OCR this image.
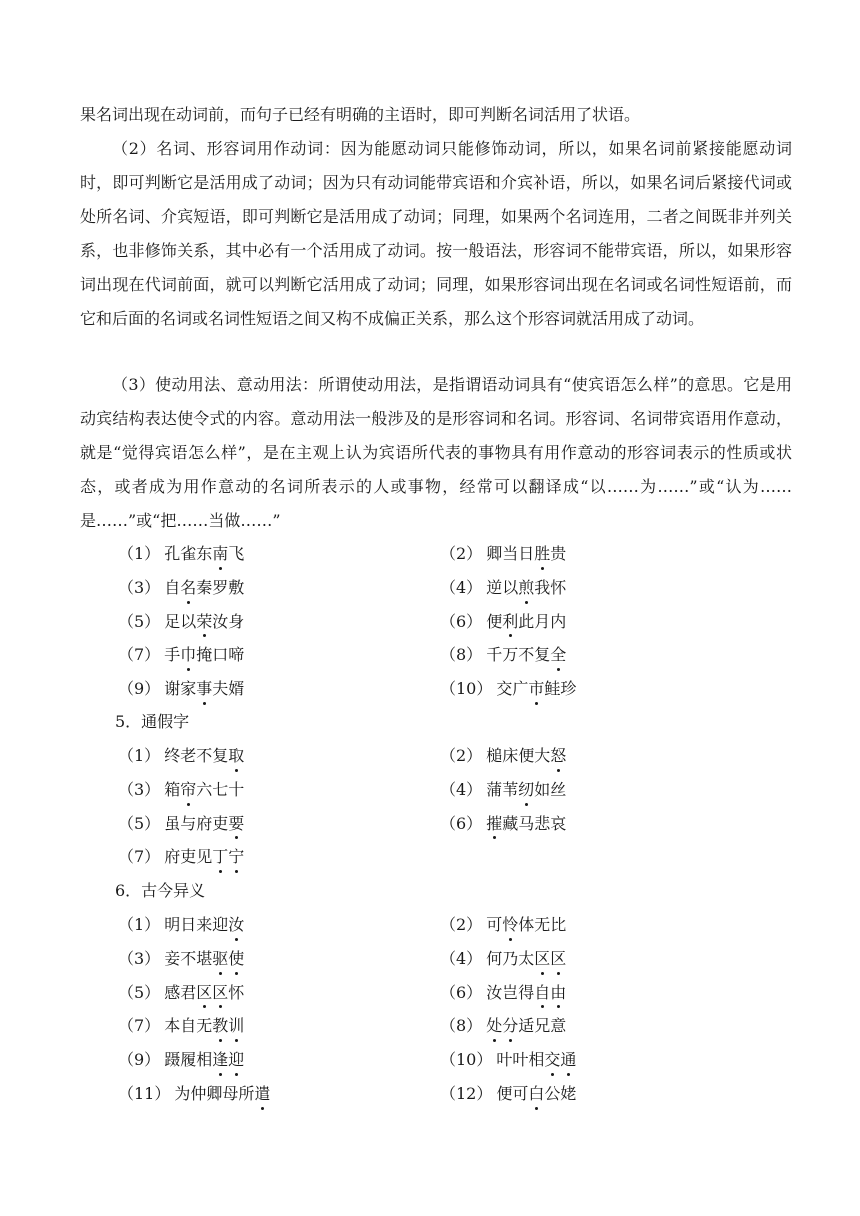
果名词出现在动词前，而句子已经有明确的主语时，即可判断名词活用了状语。

（2）名词、形容词用作动词：因为能愿动词只能修饰动词，所以，如果名词前紧接能愿动词时，即可判断它是活用成了动词；因为只有动词能带宾语和介宾补语，所以，如果名词后紧接代词或处所名词、介宾短语，即可判断它是活用成了动词；同理，如果两个名词连用，二者之间既非并列关系，也非修饰关系，其中必有一个活用成了动词。按一般语法，形容词不能带宾语，所以，如果形容词出现在代词前面，就可以判断它活用成了动词；同理，如果形容词出现在名词或名词性短语前，而它和后面的名词或名词性短语之间又构不成偏正关系，那么这个形容词就活用成了动词。

（3）使动用法、意动用法：所谓使动用法，是指谓语动词具有“使宾语怎么样”的意思。它是用动宾结构表达使令式的内容。意动用法一般涉及的是形容词和名词。形容词、名词带宾语用作意动，就是“觉得宾语怎么样”，是在主观上认为宾语所代表的事物具有用作意动的形容词表示的性质或状态，或者成为用作意动的名词所表示的人或事物，经常可以翻译成“以……为……”或“认为……是……”或“把……当做……”

（1） 孔雀东南飞	（2） 卿当日胜贵
（3） 自名秦罗敷	（4） 逆以煎我怀
（5） 足以荣汝身	（6） 便利此月内
（7） 手巾掩口啼	（8） 千万不复全
（9） 谢家事夫婿	（10） 交广市鲑珍

5．通假字

（1） 终老不复取	（2） 槌床便大怒
（3） 箱帘六七十	（4） 蒲苇纫如丝
（5） 虽与府吏要	（6） 摧藏马悲哀
（7） 府吏见丁宁

6．古今异义

（1） 明日来迎汝	（2） 可怜体无比
（3） 妾不堪驱使	（4） 何乃太区区
（5） 感君区区怀	（6） 汝岂得自由
（7） 本自无教训	（8） 处分适兄意
（9） 蹑履相逢迎	（10） 叶叶相交通
（11） 为仲卿母所遣	（12） 便可白公姥
